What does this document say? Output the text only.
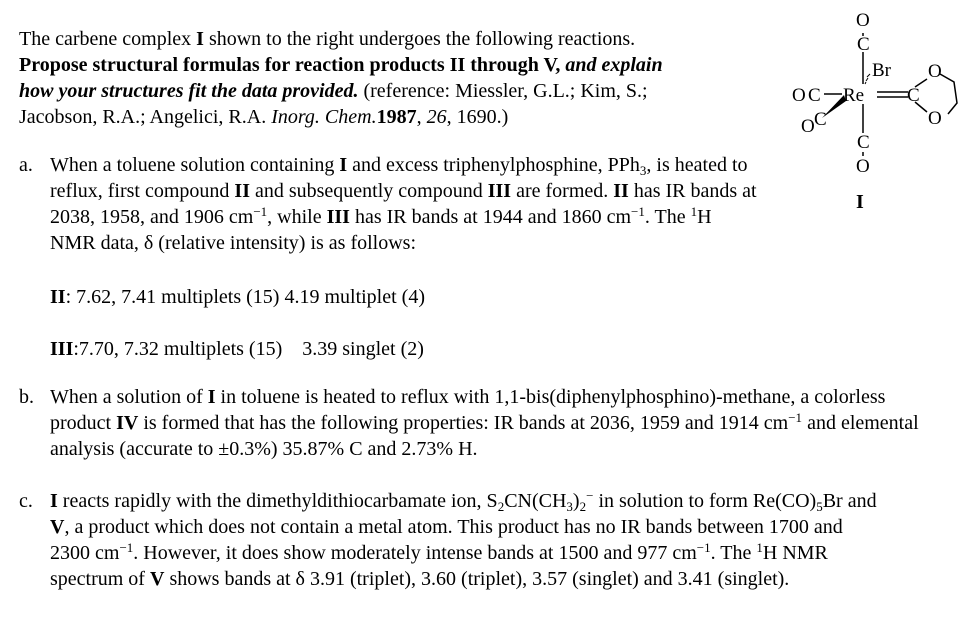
The carbene complex I shown to the right undergoes the following reactions.

Propose structural formulas for reaction products II through V, and explain

how your structures fit the data provided. (reference: Miessler, G.L.; Kim, S.;

Jacobson, R.A.; Angelici, R.A. Inorg. Chem.1987, 26, 1690.)

O
C
Br O
O C Re C
O C	O
C
O
I
a. When a toluene solution containing I and excess triphenylphosphine, PPh$_3$, is heated to reflux, first compound II and subsequently compound III are formed. II has IR bands at 2038, 1958, and 1906 $cm^{-1}$, while III has IR bands at 1944 and 1860 $cm^{-1}$. The $^1$H NMR data, δ (relative intensity) is as follows:
II: 7.62, 7.41 multiplets (15) 4.19 multiplet (4)
III:7.70, 7.32 multiplets (15)    3.39 singlet (2)
b. When a solution of I in toluene is heated to reflux with 1,1-bis(diphenylphosphino)-methane, a colorless product IV is formed that has the following properties: IR bands at 2036, 1959 and 1914 $cm^{-1}$ and elemental analysis (accurate to ±0.3%) 35.87% C and 2.73% H.
c. I reacts rapidly with the dimethyldithiocarbamate ion, $S_2CN(CH_3)_2^-$ in solution to form $Re(CO)_5Br$ and V, a product which does not contain a metal atom. This product has no IR bands between 1700 and 2300 $cm^{-1}$. However, it does show moderately intense bands at 1500 and 977 $cm^{-1}$. The $^1$H NMR spectrum of V shows bands at δ 3.91 (triplet), 3.60 (triplet), 3.57 (singlet) and 3.41 (singlet).
